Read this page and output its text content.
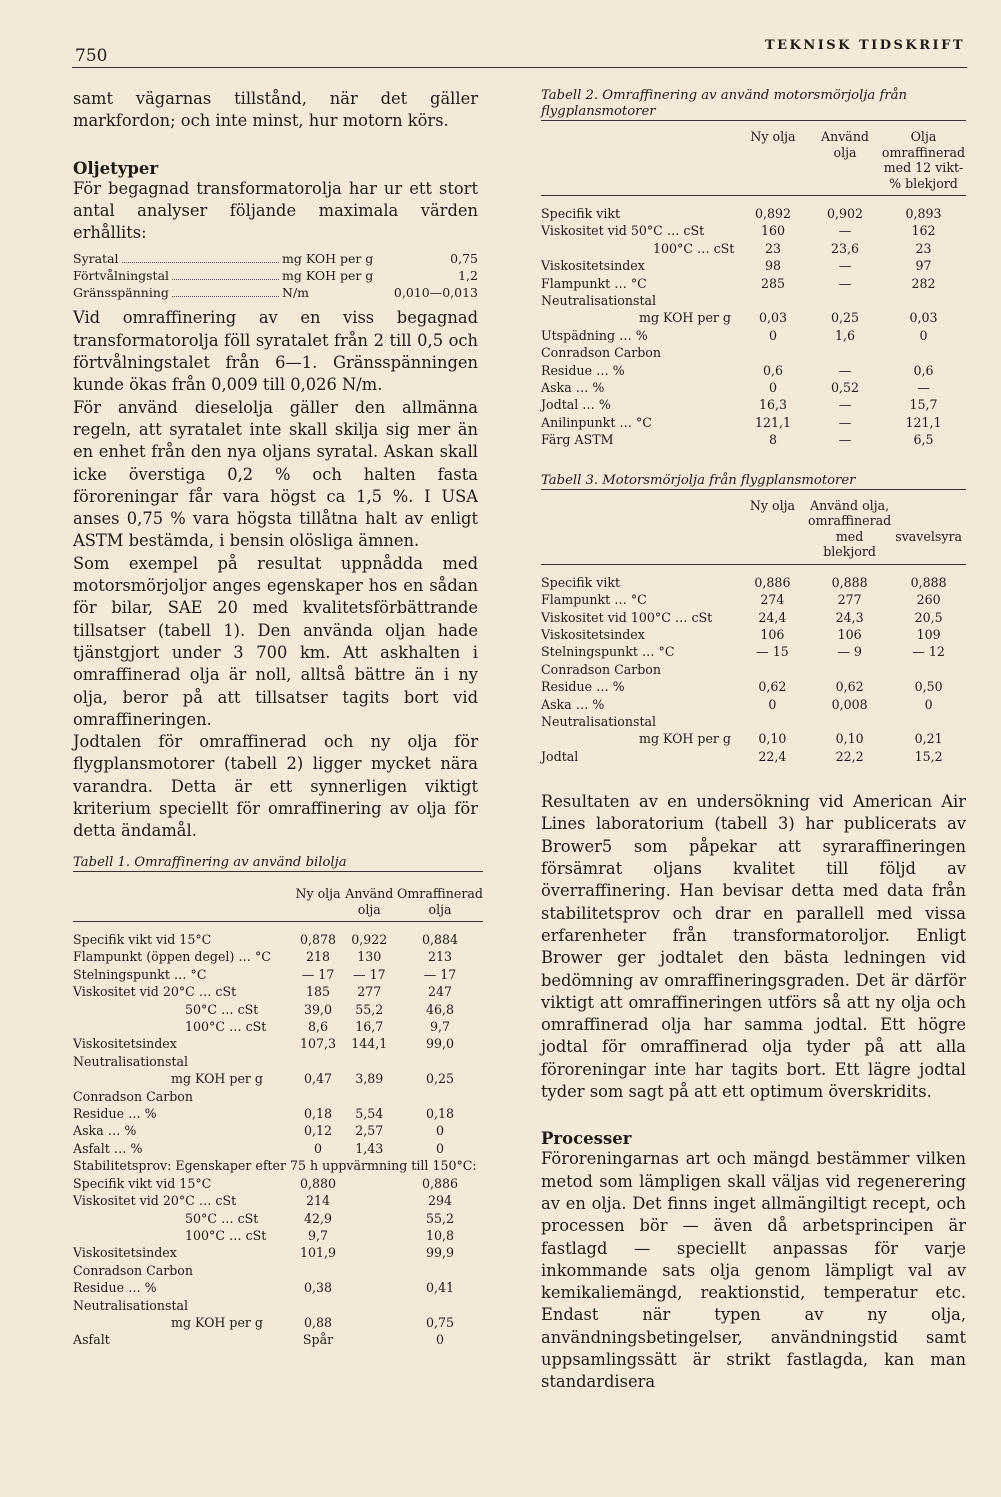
750
TEKNISK TIDSKRIFT

samt vägarnas tillstånd, när det gäller markfordon; och inte minst, hur motorn körs.

Oljetyper

För begagnad transformatorolja har ur ett stort antal analyser följande maximala värden erhållits:

Syratal	mg KOH per g	0,75
Förtvålningstal	mg KOH per g	1,2
Gränsspänning	N/m	0,010—0,013

Vid omraffinering av en viss begagnad transformatorolja föll syratalet från 2 till 0,5 och förtvålningstalet från 6—1. Gränsspänningen kunde ökas från 0,009 till 0,026 N/m.

För använd dieselolja gäller den allmänna regeln, att syratalet inte skall skilja sig mer än en enhet från den nya oljans syratal. Askan skall icke överstiga 0,2 % och halten fasta föroreningar får vara högst ca 1,5 %. I USA anses 0,75 % vara högsta tillåtna halt av enligt ASTM bestämda, i bensin olösliga ämnen.

Som exempel på resultat uppnådda med motorsmörjoljor anges egenskaper hos en sådan för bilar, SAE 20 med kvalitetsförbättrande tillsatser (tabell 1). Den använda oljan hade tjänstgjort under 3 700 km. Att askhalten i omraffinerad olja är noll, alltså bättre än i ny olja, beror på att tillsatser tagits bort vid omraffineringen.

Jodtalen för omraffinerad och ny olja för flygplansmotorer (tabell 2) ligger mycket nära varandra. Detta är ett synnerligen viktigt kriterium speciellt för omraffinering av olja för detta ändamål.

Tabell 1. Omraffinering av använd bilolja

	Ny olja	Använd olja	Omraffinerad olja

Specifik vikt vid 15°C	0,878	0,922	0,884
Flampunkt (öppen degel) … °C	218	130	213
Stelningspunkt … °C	— 17	— 17	— 17
Viskositet vid 20°C … cSt	185	277	247
50°C … cSt	39,0	55,2	46,8
100°C … cSt	8,6	16,7	9,7
Viskositetsindex	107,3	144,1	99,0
Neutralisationstal			
mg KOH per g	0,47	3,89	0,25
Conradson Carbon			
Residue … %	0,18	5,54	0,18
Aska … %	0,12	2,57	0
Asfalt … %	0	1,43	0
Stabilitetsprov: Egenskaper efter 75 h uppvärmning till 150°C:			
Specifik vikt vid 15°C	0,880		0,886
Viskositet vid 20°C … cSt	214		294
50°C … cSt	42,9		55,2
100°C … cSt	9,7		10,8
Viskositetsindex	101,9		99,9
Conradson Carbon			
Residue … %	0,38		0,41
Neutralisationstal			
mg KOH per g	0,88		0,75
Asfalt	Spår		0

Tabell 2. Omraffinering av använd motorsmörjolja från flygplansmotorer

	Ny olja	Använd olja	Olja omraffinerad med 12 vikt-% blekjord

Specifik vikt	0,892	0,902	0,893
Viskositet vid 50°C … cSt	160	—	162
100°C … cSt	23	23,6	23
Viskositetsindex	98	—	97
Flampunkt … °C	285	—	282
Neutralisationstal			
mg KOH per g	0,03	0,25	0,03
Utspädning … %	0	1,6	0
Conradson Carbon			
Residue … %	0,6	—	0,6
Aska … %	0	0,52	—
Jodtal … %	16,3	—	15,7
Anilinpunkt … °C	121,1	—	121,1
Färg ASTM	8	—	6,5

Tabell 3. Motorsmörjolja från flygplansmotorer

	Ny olja	Använd olja, omraffinerad med blekjord	svavelsyra

Specifik vikt	0,886	0,888	0,888
Flampunkt … °C	274	277	260
Viskositet vid 100°C … cSt	24,4	24,3	20,5
Viskositetsindex	106	106	109
Stelningspunkt … °C	— 15	— 9	— 12
Conradson Carbon			
Residue … %	0,62	0,62	0,50
Aska … %	0	0,008	0
Neutralisationstal			
mg KOH per g	0,10	0,10	0,21
Jodtal	22,4	22,2	15,2

Resultaten av en undersökning vid American Air Lines laboratorium (tabell 3) har publicerats av Brower5 som påpekar att syraraffineringen försämrat oljans kvalitet till följd av överraffinering. Han bevisar detta med data från stabilitetsprov och drar en parallell med vissa erfarenheter från transformatoroljor. Enligt Brower ger jodtalet den bästa ledningen vid bedömning av omraffineringsgraden. Det är därför viktigt att omraffineringen utförs så att ny olja och omraffinerad olja har samma jodtal. Ett högre jodtal för omraffinerad olja tyder på att alla föroreningar inte har tagits bort. Ett lägre jodtal tyder som sagt på att ett optimum överskridits.

Processer

Föroreningarnas art och mängd bestämmer vilken metod som lämpligen skall väljas vid regenerering av en olja. Det finns inget allmängiltigt recept, och processen bör — även då arbetsprincipen är fastlagd — speciellt anpassas för varje inkommande sats olja genom lämpligt val av kemikaliemängd, reaktionstid, temperatur etc. Endast när typen av ny olja, användningsbetingelser, användningstid samt uppsamlingssätt är strikt fastlagda, kan man standardisera
